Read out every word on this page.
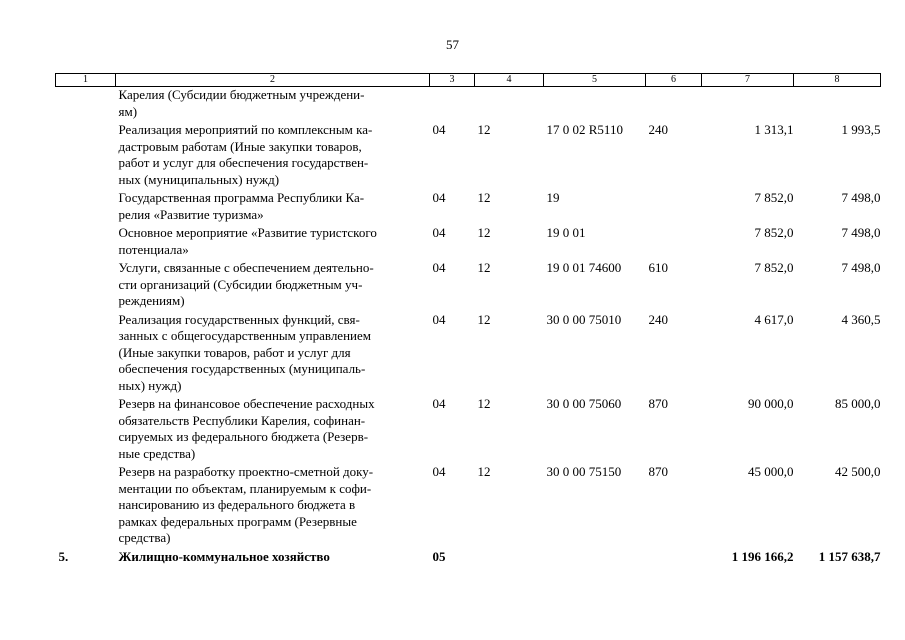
57
1	2	3	4	5	6	7	8

	Карелия (Субсидии бюджетным учреждени-
ям)						

	Реализация мероприятий по комплексным ка-
дастровым работам (Иные закупки товаров,
работ и услуг для обеспечения государствен-
ных (муниципальных) нужд)	04	12	17 0 02 R5110	240	1 313,1	1 993,5

	Государственная программа Республики Ка-
релия «Развитие туризма»	04	12	19		7 852,0	7 498,0

	Основное мероприятие «Развитие туристского
потенциала»	04	12	19 0 01		7 852,0	7 498,0

	Услуги, связанные с обеспечением деятельно-
сти организаций (Субсидии бюджетным уч-
реждениям)	04	12	19 0 01 74600	610	7 852,0	7 498,0

	Реализация государственных функций, свя-
занных с общегосударственным управлением
(Иные закупки товаров, работ и услуг для
обеспечения государственных (муниципаль-
ных) нужд)	04	12	30 0 00 75010	240	4 617,0	4 360,5

	Резерв на финансовое обеспечение расходных
обязательств Республики Карелия, софинан-
сируемых из федерального бюджета (Резерв-
ные средства)	04	12	30 0 00 75060	870	90 000,0	85 000,0

	Резерв на разработку проектно-сметной доку-
ментации по объектам, планируемым к софи-
нансированию из федерального бюджета в
рамках федеральных программ (Резервные
средства)	04	12	30 0 00 75150	870	45 000,0	42 500,0
5.	Жилищно-коммунальное хозяйство	05				1 196 166,2	1 157 638,7
